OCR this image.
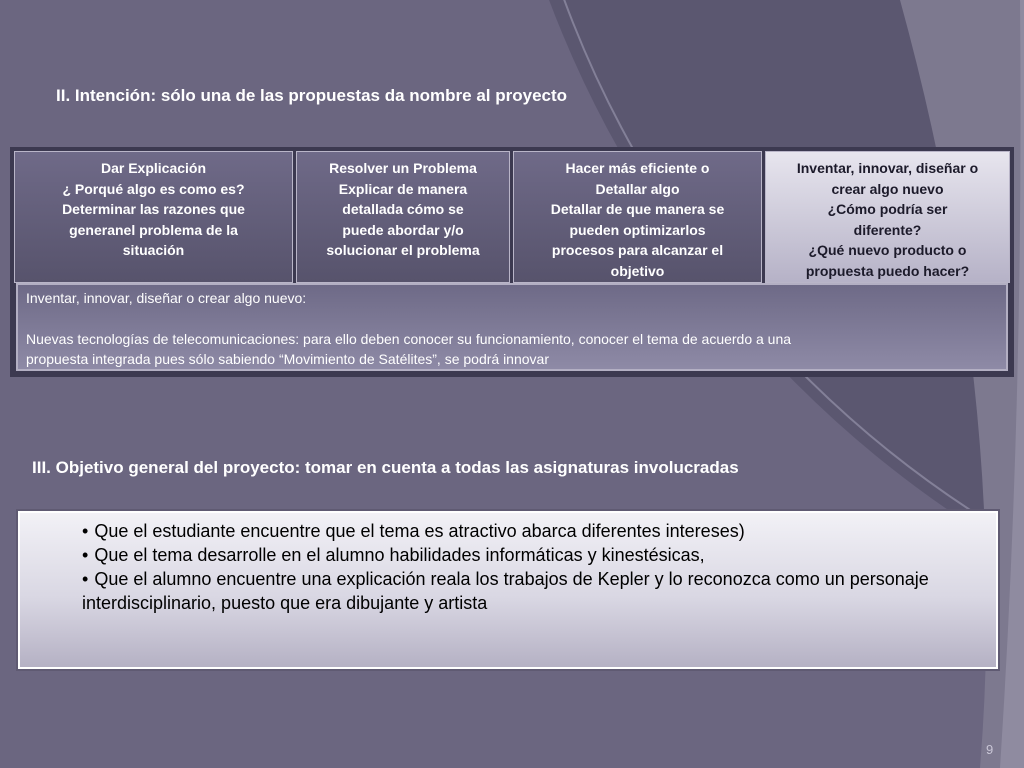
II. Intención: sólo una de las propuestas da nombre al proyecto
Dar Explicación
¿ Porqué algo es como es?
Determinar las razones que
generanel problema de la
situación
Resolver un Problema
Explicar de manera
detallada cómo se
puede abordar y/o
solucionar el problema
Hacer más eficiente o
Detallar algo
Detallar de que manera se
pueden optimizarlos
procesos para alcanzar el
objetivo
Inventar, innovar, diseñar o
crear algo nuevo
¿Cómo podría ser
diferente?
¿Qué nuevo producto o
propuesta puedo hacer?
Inventar, innovar, diseñar o crear algo nuevo:
Nuevas tecnologías de telecomunicaciones: para ello deben conocer su funcionamiento, conocer el tema de acuerdo a una
propuesta integrada pues sólo sabiendo “Movimiento de Satélites”, se podrá innovar
III. Objetivo general del proyecto: tomar en cuenta a todas las asignaturas involucradas
• Que el estudiante encuentre que el tema es atractivo abarca diferentes intereses)
• Que el tema desarrolle en el alumno habilidades informáticas y kinestésicas,
• Que el alumno encuentre una explicación reala los trabajos de Kepler y lo reconozca como un personaje interdisciplinario, puesto que era dibujante y artista
9
